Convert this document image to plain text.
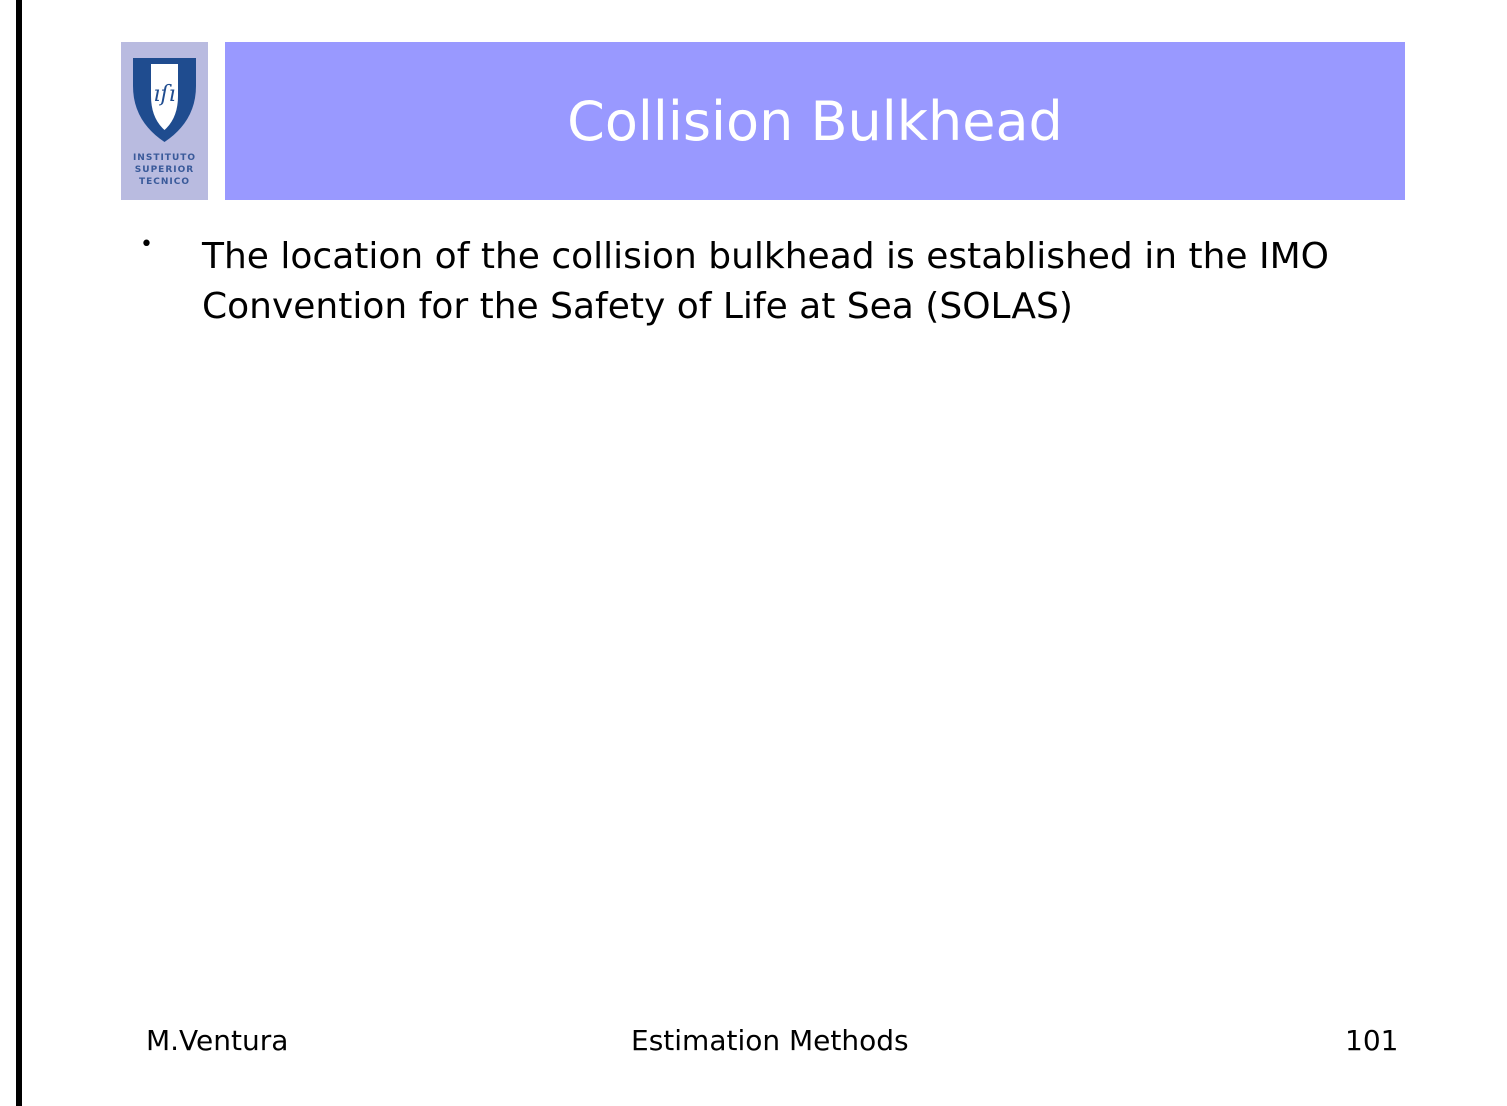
ıſı
INSTITUTO
SUPERIOR
TECNICO
Collision Bulkhead
• The location of the collision bulkhead is established in the IMO Convention for the Safety of Life at Sea (SOLAS)
M.Ventura	Estimation Methods	101
